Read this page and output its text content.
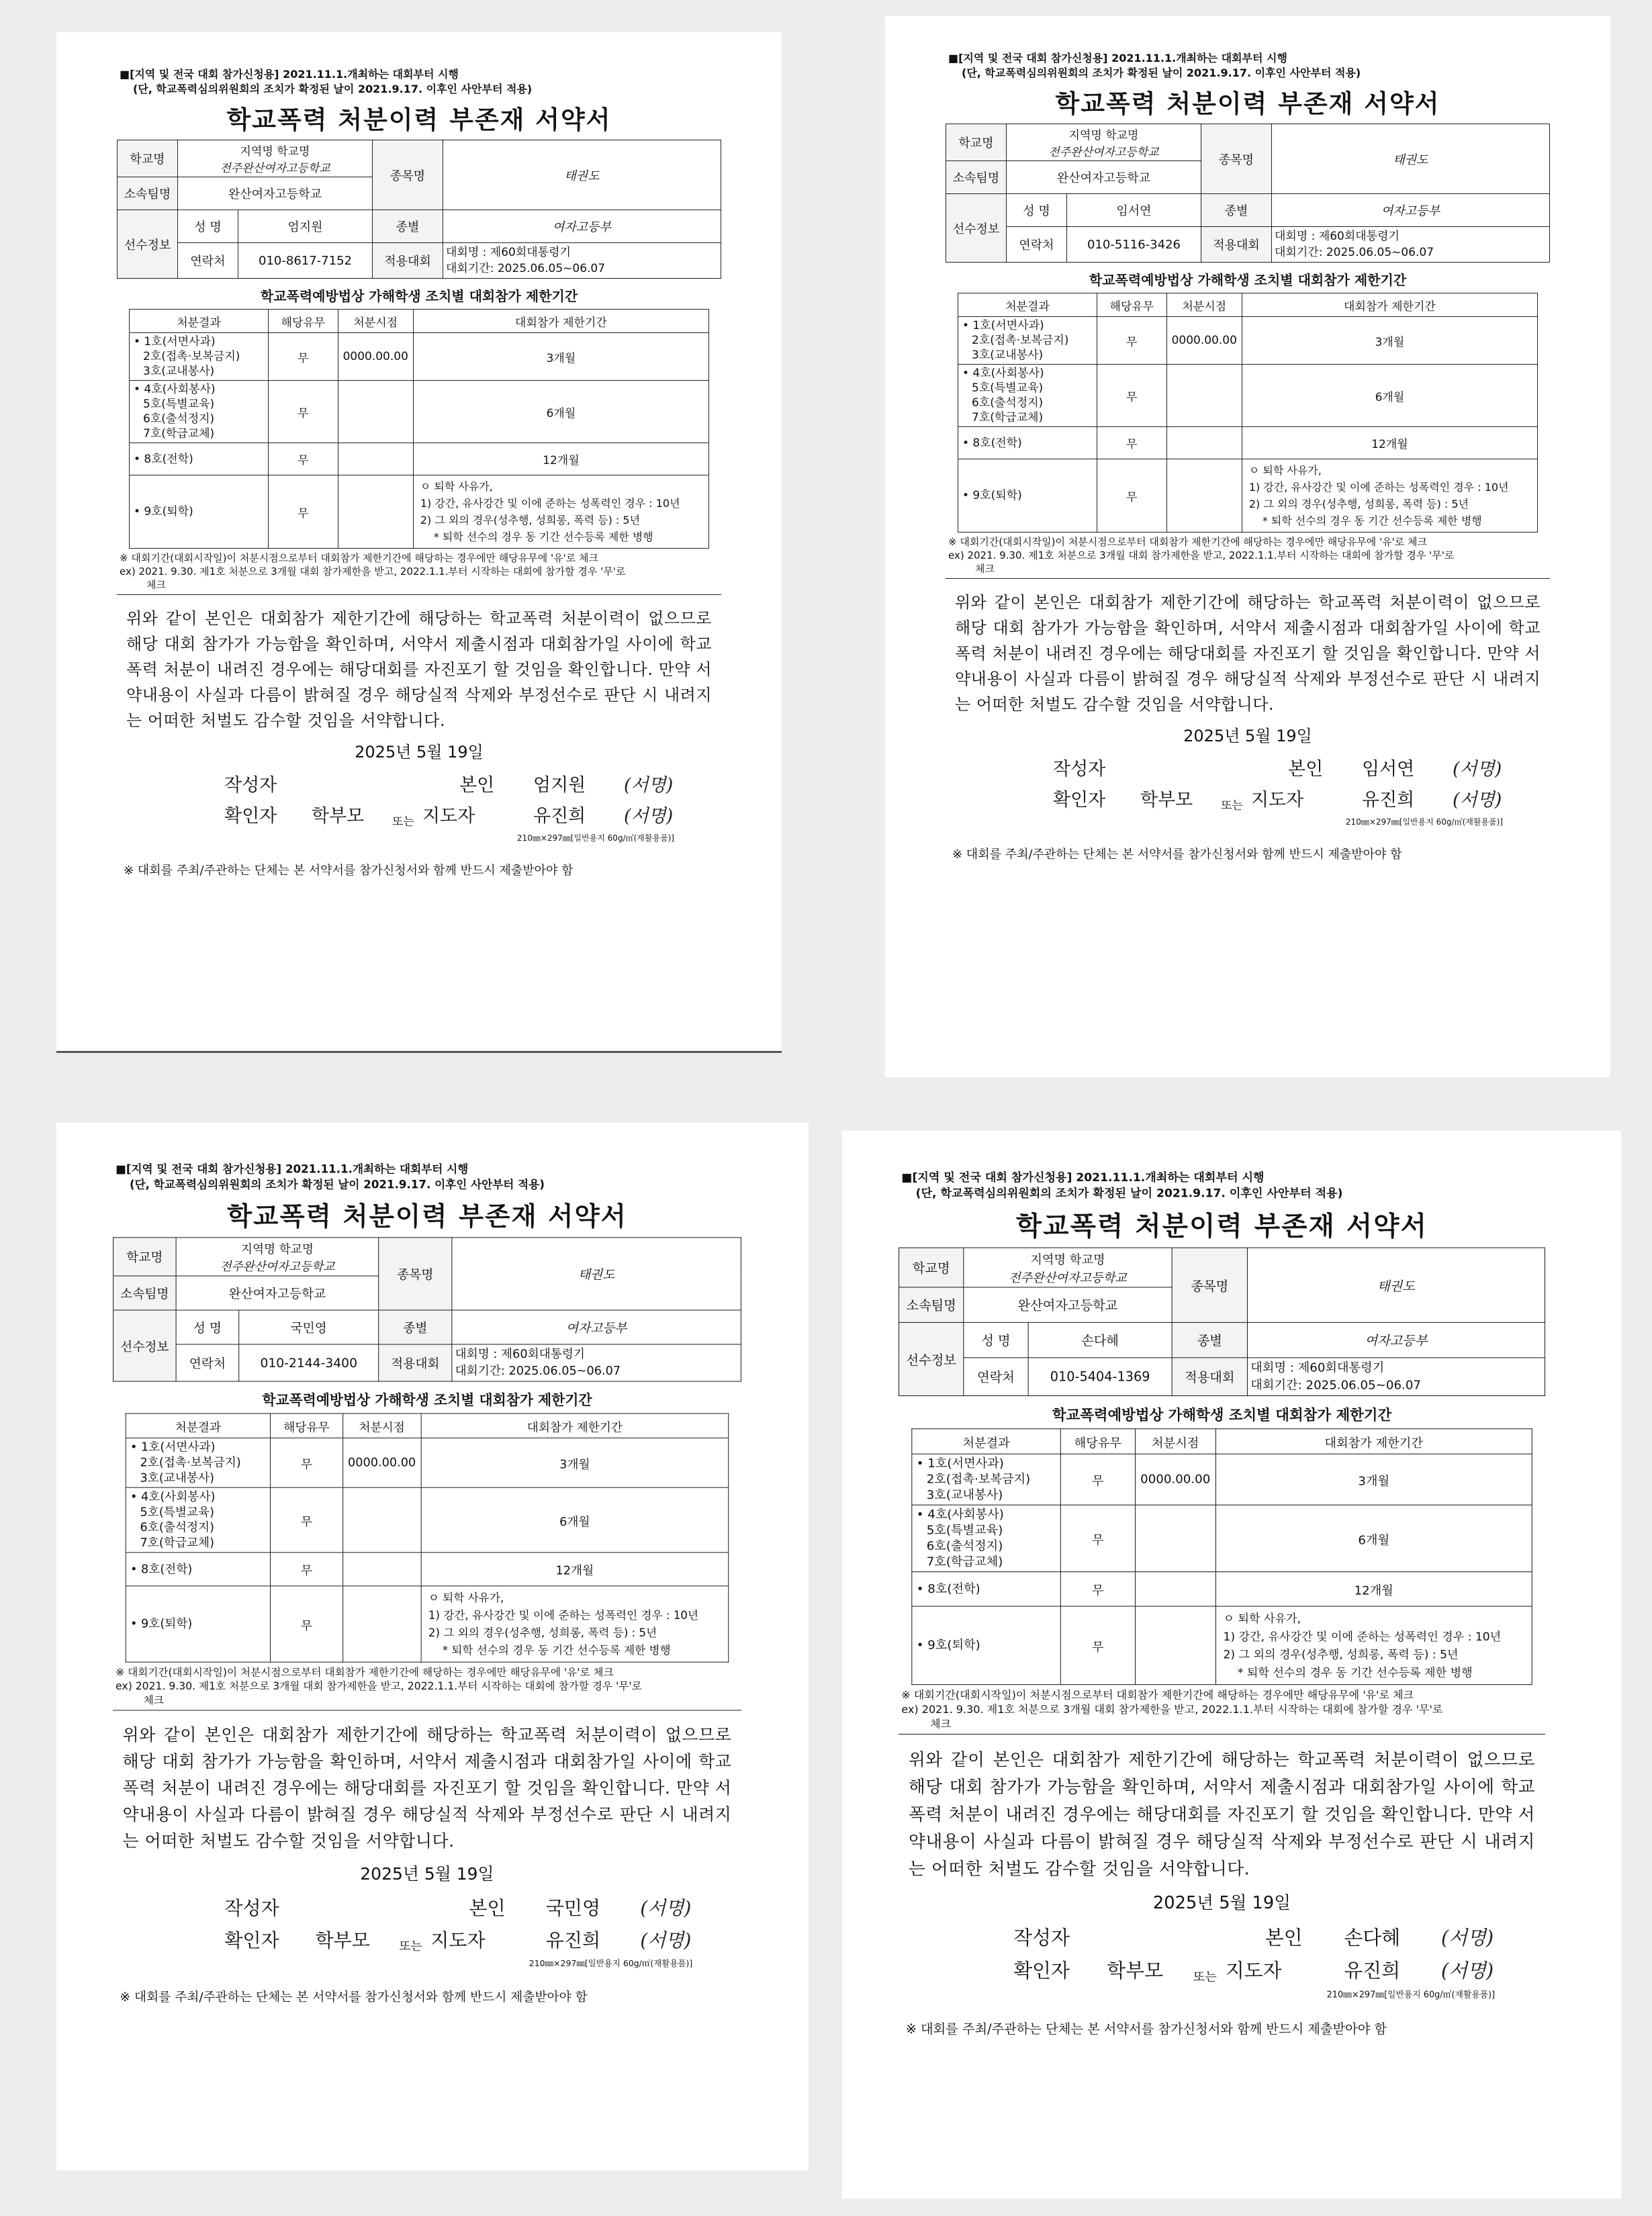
■[지역 및 전국 대회 참가신청용] 2021.11.1.개최하는 대회부터 시행
(단, 학교폭력심의위원회의 조치가 확정된 날이 2021.9.17. 이후인 사안부터 적용)
학교폭력 처분이력 부존재 서약서
학교명	지역명 학교명
전주완산여자고등학교		종목명	태권도
소속팀명	완산여자고등학교			
선수정보	성 명	엄지원	종별	여자고등부
	연락처	010-8617-7152	적용대회	대회명 : 제60회대통령기
대회기간: 2025.06.05~06.07
학교폭력예방법상 가해학생 조치별 대회참가 제한기간
처분결과	해당유무	처분시점	대회참가 제한기간

• 1호(서면사과)
2호(접촉·보복금지)
3호(교내봉사)	무	0000.00.00	3개월

• 4호(사회봉사)
5호(특별교육)
6호(출석정지)
7호(학급교체)	무		6개월
• 8호(전학)	무		12개월
• 9호(퇴학)	무		ㅇ 퇴학 사유가,
1) 강간, 유사강간 및 이에 준하는 성폭력인 경우 : 10년
2) 그 외의 경우(성추행, 성희롱, 폭력 등) : 5년
* 퇴학 선수의 경우 동 기간 선수등록 제한 병행
※ 대회기간(대회시작일)이 처분시점으로부터 대회참가 제한기간에 해당하는 경우에만 해당유무에 '유'로 체크
ex) 2021. 9.30. 제1호 처분으로 3개월 대회 참가제한을 받고, 2022.1.1.부터 시작하는 대회에 참가할 경우 '무'로
체크
위와 같이 본인은 대회참가 제한기간에 해당하는 학교폭력 처분이력이 없으므로 해당 대회 참가가 가능함을 확인하며, 서약서 제출시점과 대회참가일 사이에 학교폭력 처분이 내려진 경우에는 해당대회를 자진포기 할 것임을 확인합니다. 만약 서약내용이 사실과 다름이 밝혀질 경우 해당실적 삭제와 부정선수로 판단 시 내려지는 어떠한 처벌도 감수할 것임을 서약합니다.
2025년 5월 19일
작성자	본인 엄지원 (서명)
확인자 학부모 또는 지도자	유진희 (서명)
210㎜×297㎜[일반용지 60g/㎡(재활용품)]
※ 대회를 주최/주관하는 단체는 본 서약서를 참가신청서와 함께 반드시 제출받아야 함
■[지역 및 전국 대회 참가신청용] 2021.11.1.개최하는 대회부터 시행
(단, 학교폭력심의위원회의 조치가 확정된 날이 2021.9.17. 이후인 사안부터 적용)
학교폭력 처분이력 부존재 서약서
학교명	지역명 학교명
전주완산여자고등학교		종목명	태권도
소속팀명	완산여자고등학교			
선수정보	성 명	임서연	종별	여자고등부
	연락처	010-5116-3426	적용대회	대회명 : 제60회대통령기
대회기간: 2025.06.05~06.07
학교폭력예방법상 가해학생 조치별 대회참가 제한기간
처분결과	해당유무	처분시점	대회참가 제한기간

• 1호(서면사과)
2호(접촉·보복금지)
3호(교내봉사)	무	0000.00.00	3개월

• 4호(사회봉사)
5호(특별교육)
6호(출석정지)
7호(학급교체)	무		6개월
• 8호(전학)	무		12개월
• 9호(퇴학)	무		ㅇ 퇴학 사유가,
1) 강간, 유사강간 및 이에 준하는 성폭력인 경우 : 10년
2) 그 외의 경우(성추행, 성희롱, 폭력 등) : 5년
* 퇴학 선수의 경우 동 기간 선수등록 제한 병행
※ 대회기간(대회시작일)이 처분시점으로부터 대회참가 제한기간에 해당하는 경우에만 해당유무에 '유'로 체크
ex) 2021. 9.30. 제1호 처분으로 3개월 대회 참가제한을 받고, 2022.1.1.부터 시작하는 대회에 참가할 경우 '무'로
체크
위와 같이 본인은 대회참가 제한기간에 해당하는 학교폭력 처분이력이 없으므로 해당 대회 참가가 가능함을 확인하며, 서약서 제출시점과 대회참가일 사이에 학교폭력 처분이 내려진 경우에는 해당대회를 자진포기 할 것임을 확인합니다. 만약 서약내용이 사실과 다름이 밝혀질 경우 해당실적 삭제와 부정선수로 판단 시 내려지는 어떠한 처벌도 감수할 것임을 서약합니다.
2025년 5월 19일
작성자	본인 임서연 (서명)
확인자 학부모 또는 지도자	유진희 (서명)
210㎜×297㎜[일반용지 60g/㎡(재활용품)]
※ 대회를 주최/주관하는 단체는 본 서약서를 참가신청서와 함께 반드시 제출받아야 함
■[지역 및 전국 대회 참가신청용] 2021.11.1.개최하는 대회부터 시행
(단, 학교폭력심의위원회의 조치가 확정된 날이 2021.9.17. 이후인 사안부터 적용)
학교폭력 처분이력 부존재 서약서
학교명	지역명 학교명
전주완산여자고등학교		종목명	태권도
소속팀명	완산여자고등학교			
선수정보	성 명	국민영	종별	여자고등부
	연락처	010-2144-3400	적용대회	대회명 : 제60회대통령기
대회기간: 2025.06.05~06.07
학교폭력예방법상 가해학생 조치별 대회참가 제한기간
처분결과	해당유무	처분시점	대회참가 제한기간

• 1호(서면사과)
2호(접촉·보복금지)
3호(교내봉사)	무	0000.00.00	3개월

• 4호(사회봉사)
5호(특별교육)
6호(출석정지)
7호(학급교체)	무		6개월
• 8호(전학)	무		12개월
• 9호(퇴학)	무		ㅇ 퇴학 사유가,
1) 강간, 유사강간 및 이에 준하는 성폭력인 경우 : 10년
2) 그 외의 경우(성추행, 성희롱, 폭력 등) : 5년
* 퇴학 선수의 경우 동 기간 선수등록 제한 병행
※ 대회기간(대회시작일)이 처분시점으로부터 대회참가 제한기간에 해당하는 경우에만 해당유무에 '유'로 체크
ex) 2021. 9.30. 제1호 처분으로 3개월 대회 참가제한을 받고, 2022.1.1.부터 시작하는 대회에 참가할 경우 '무'로
체크
위와 같이 본인은 대회참가 제한기간에 해당하는 학교폭력 처분이력이 없으므로 해당 대회 참가가 가능함을 확인하며, 서약서 제출시점과 대회참가일 사이에 학교폭력 처분이 내려진 경우에는 해당대회를 자진포기 할 것임을 확인합니다. 만약 서약내용이 사실과 다름이 밝혀질 경우 해당실적 삭제와 부정선수로 판단 시 내려지는 어떠한 처벌도 감수할 것임을 서약합니다.
2025년 5월 19일
작성자	본인 국민영 (서명)
확인자 학부모	또는 지도자	유진희 (서명)
210㎜×297㎜[일반용지 60g/㎡(재활용품)]
※ 대회를 주최/주관하는 단체는 본 서약서를 참가신청서와 함께 반드시 제출받아야 함
■[지역 및 전국 대회 참가신청용] 2021.11.1.개최하는 대회부터 시행
(단, 학교폭력심의위원회의 조치가 확정된 날이 2021.9.17. 이후인 사안부터 적용)
학교폭력 처분이력 부존재 서약서
학교명	지역명 학교명
전주완산여자고등학교		종목명	태권도
소속팀명	완산여자고등학교			
선수정보	성 명	손다혜	종별	여자고등부
	연락처	010-5404-1369	적용대회	대회명 : 제60회대통령기
대회기간: 2025.06.05~06.07
학교폭력예방법상 가해학생 조치별 대회참가 제한기간
처분결과	해당유무	처분시점	대회참가 제한기간

• 1호(서면사과)
2호(접촉·보복금지)
3호(교내봉사)	무	0000.00.00	3개월

• 4호(사회봉사)
5호(특별교육)
6호(출석정지)
7호(학급교체)	무		6개월
• 8호(전학)	무		12개월
• 9호(퇴학)	무		ㅇ 퇴학 사유가,
1) 강간, 유사강간 및 이에 준하는 성폭력인 경우 : 10년
2) 그 외의 경우(성추행, 성희롱, 폭력 등) : 5년
* 퇴학 선수의 경우 동 기간 선수등록 제한 병행
※ 대회기간(대회시작일)이 처분시점으로부터 대회참가 제한기간에 해당하는 경우에만 해당유무에 '유'로 체크
ex) 2021. 9.30. 제1호 처분으로 3개월 대회 참가제한을 받고, 2022.1.1.부터 시작하는 대회에 참가할 경우 '무'로
체크
위와 같이 본인은 대회참가 제한기간에 해당하는 학교폭력 처분이력이 없으므로 해당 대회 참가가 가능함을 확인하며, 서약서 제출시점과 대회참가일 사이에 학교폭력 처분이 내려진 경우에는 해당대회를 자진포기 할 것임을 확인합니다. 만약 서약내용이 사실과 다름이 밝혀질 경우 해당실적 삭제와 부정선수로 판단 시 내려지는 어떠한 처벌도 감수할 것임을 서약합니다.
2025년 5월 19일
작성자	본인 손다혜 (서명)
확인자 학부모	또는 지도자	유진희 (서명)
210㎜×297㎜[일반용지 60g/㎡(재활용품)]
※ 대회를 주최/주관하는 단체는 본 서약서를 참가신청서와 함께 반드시 제출받아야 함
